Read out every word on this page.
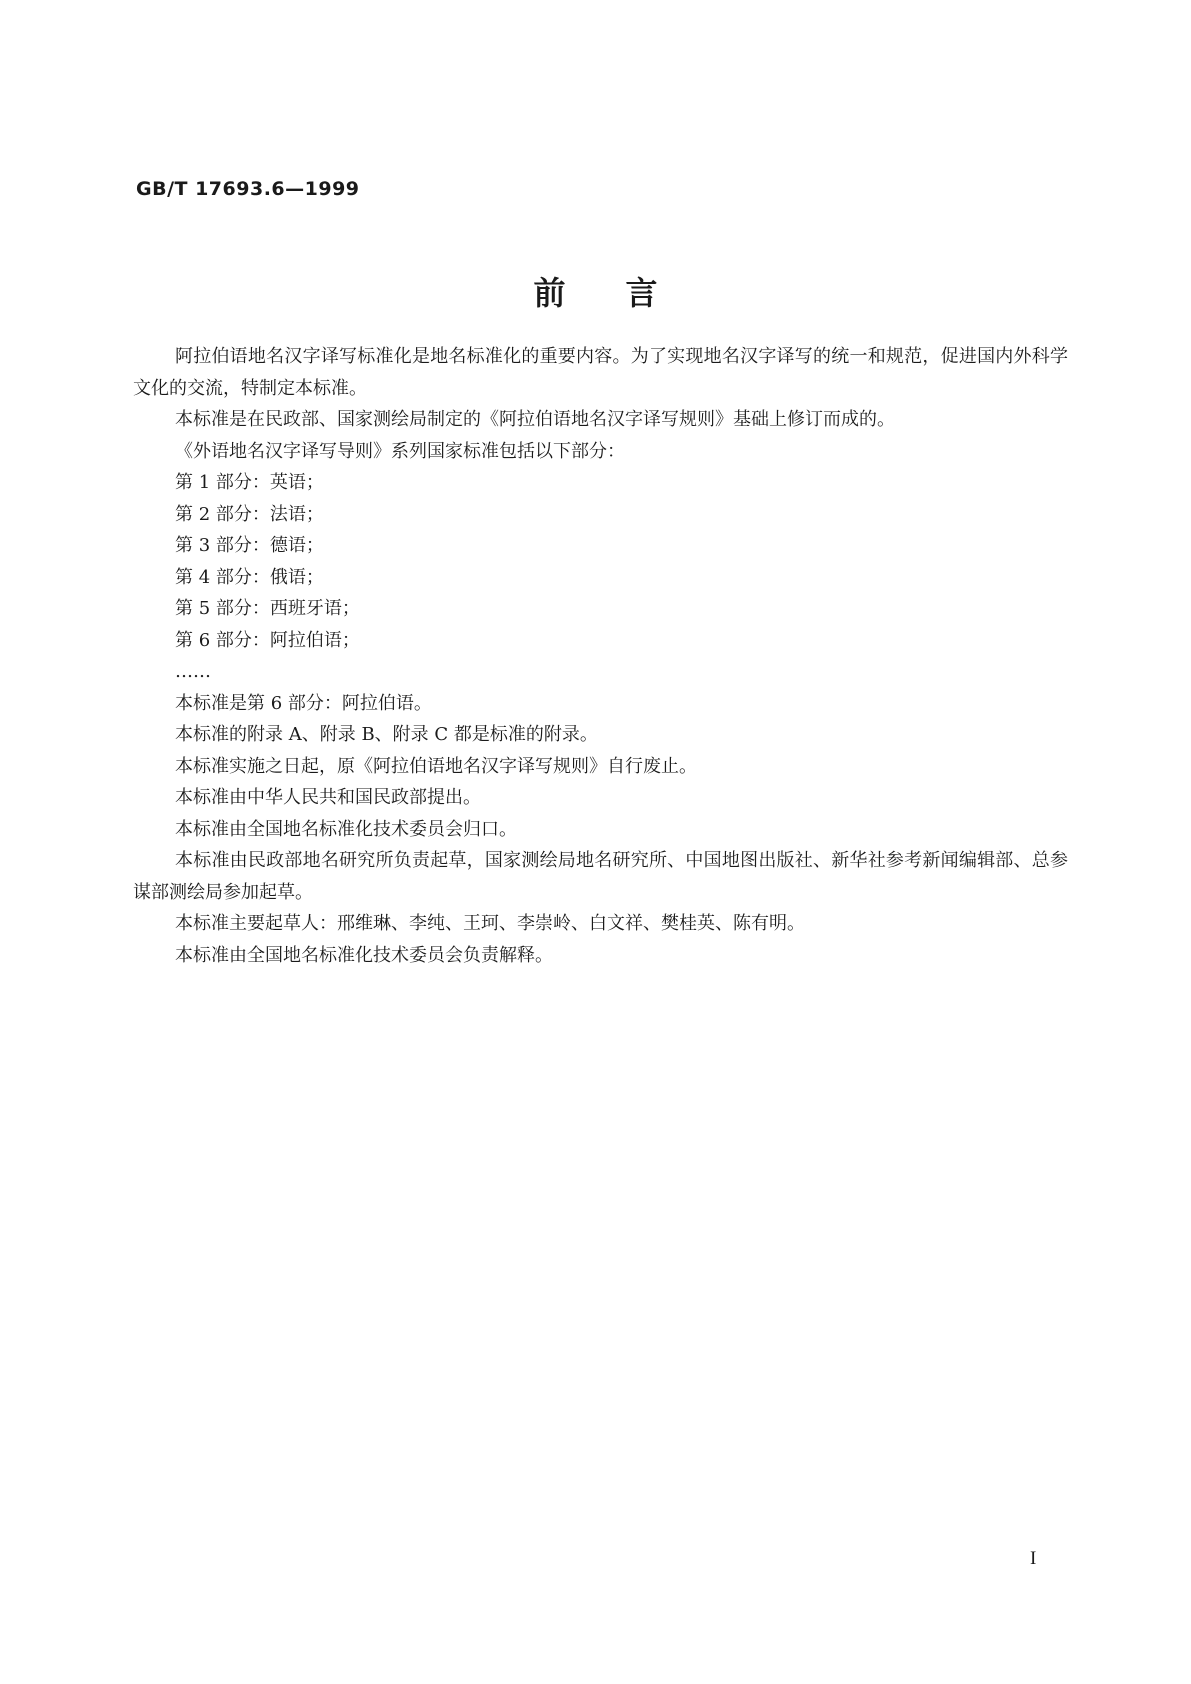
GB/T 17693.6—1999
前言

阿拉伯语地名汉字译写标准化是地名标准化的重要内容。为了实现地名汉字译写的统一和规范，促进国内外科学文化的交流，特制定本标准。

本标准是在民政部、国家测绘局制定的《阿拉伯语地名汉字译写规则》基础上修订而成的。

《外语地名汉字译写导则》系列国家标准包括以下部分：

第 1 部分：英语；

第 2 部分：法语；

第 3 部分：德语；

第 4 部分：俄语；

第 5 部分：西班牙语；

第 6 部分：阿拉伯语；

……

本标准是第 6 部分：阿拉伯语。

本标准的附录 A、附录 B、附录 C 都是标准的附录。

本标准实施之日起，原《阿拉伯语地名汉字译写规则》自行废止。

本标准由中华人民共和国民政部提出。

本标准由全国地名标准化技术委员会归口。

本标准由民政部地名研究所负责起草，国家测绘局地名研究所、中国地图出版社、新华社参考新闻编辑部、总参谋部测绘局参加起草。

本标准主要起草人：邢维琳、李纯、王珂、李崇岭、白文祥、樊桂英、陈有明。

本标准由全国地名标准化技术委员会负责解释。

I
